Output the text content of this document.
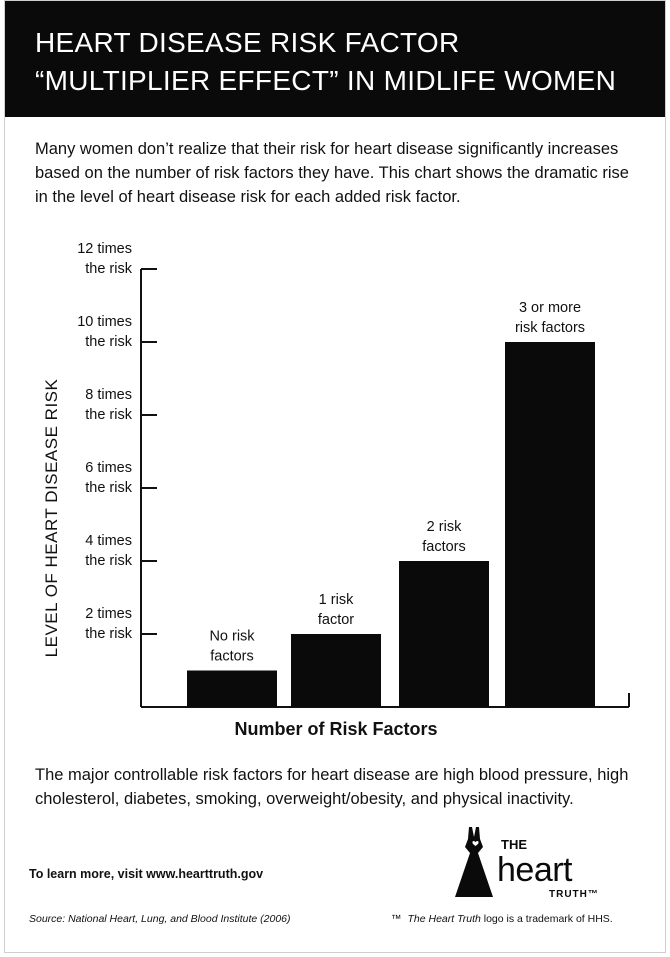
HEART DISEASE RISK FACTOR
“MULTIPLIER EFFECT” IN MIDLIFE WOMEN
Many women don’t realize that their risk for heart disease significantly increases based on the number of risk factors they have. This chart shows the dramatic rise in the level of heart disease risk for each added risk factor.
2 times the risk
4 times the risk
6 times the risk
8 times the risk
10 times the risk
12 times the risk
LEVEL OF HEART DISEASE RISK	No risk factors
1 risk factor
2 risk factors
3 or more risk factors
Number of Risk Factors
The major controllable risk factors for heart disease are high blood pressure, high cholesterol, diabetes, smoking, overweight/obesity, and physical inactivity.
THE
heart
TRUTH™
To learn more, visit www.hearttruth.gov
Source: National Heart, Lung, and Blood Institute (2006)	™ The Heart Truth logo is a trademark of HHS.
